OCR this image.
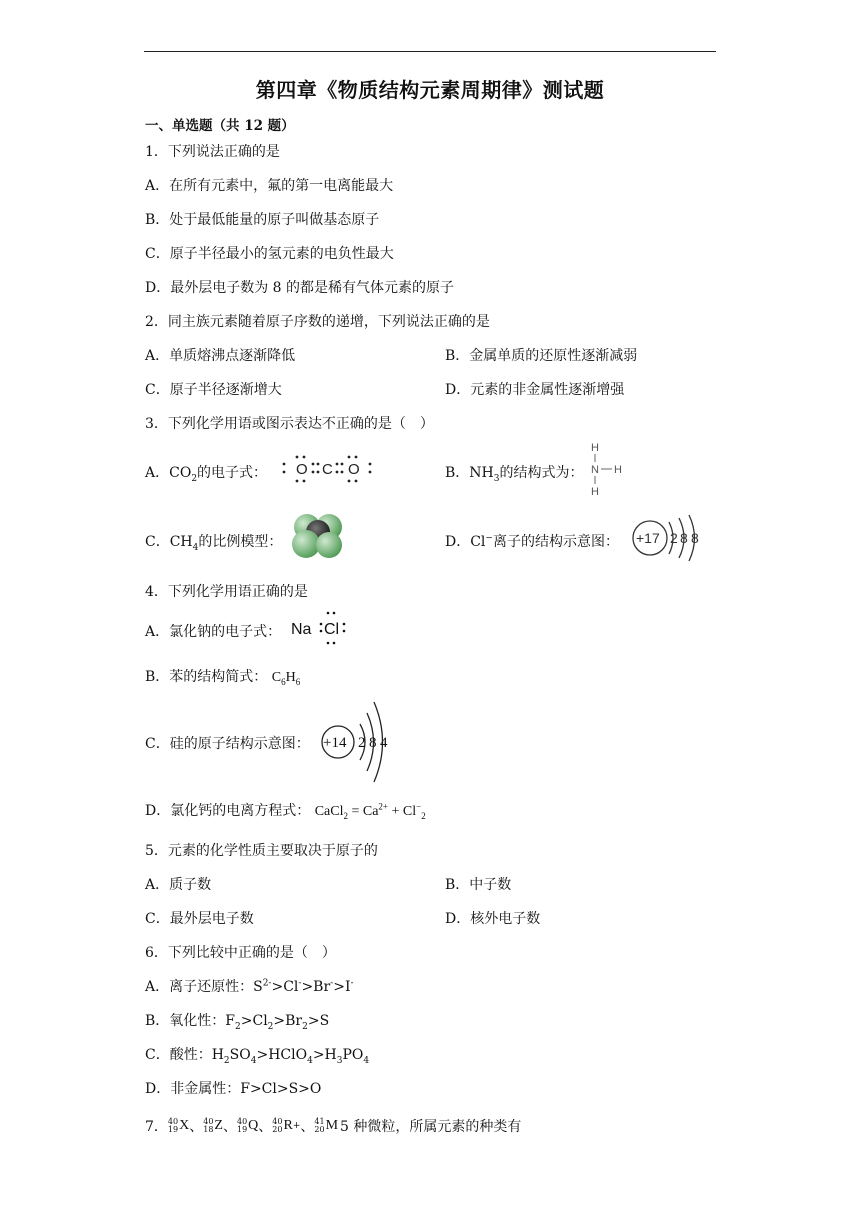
第四章《物质结构元素周期律》测试题
一、单选题（共 12 题）
1．下列说法正确的是
A．在所有元素中，氟的第一电离能最大
B．处于最低能量的原子叫做基态原子
C．原子半径最小的氢元素的电负性最大
D．最外层电子数为 8 的都是稀有气体元素的原子
2．同主族元素随着原子序数的递增，下列说法正确的是
A．单质熔沸点逐渐降低	B．金属单质的还原性逐渐减弱
C．原子半径逐渐增大	D．元素的非金属性逐渐增强
3．下列化学用语或图示表达不正确的是（　）
A．$CO_2$的电子式： O C O	B．$NH_3$的结构式为：
H
N H
H
C．$CH_4$的比例模型：	D．Cl−离子的结构示意图： +17 2 8 8
4．下列化学用语正确的是
A．氯化钠的电子式： Na Cl
B．苯的结构简式： $C_6H_6$
C．硅的原子结构示意图： +14 2 8 4
D．氯化钙的电离方程式： CaCl$_2$ = $Ca^{2+} + Cl^-_2$
5．元素的化学性质主要取决于原子的
A．质子数	B．中子数
C．最外层电子数	D．核外电子数
6．下列比较中正确的是（　）
A．离子还原性：$S^{2-}>Cl^->Br^->I^-$
B．氧化性：$F_2>Cl_2>Br_2>S$
C．酸性：$H_2SO_4>HClO_4>H_3PO_4$
D．非金属性：F>Cl>S>O
7． 40
19 X 、 40
18 Z 、 40
19 Q 、 40
20 R + 、 41
20 M 5 种微粒，所属元素的种类有
